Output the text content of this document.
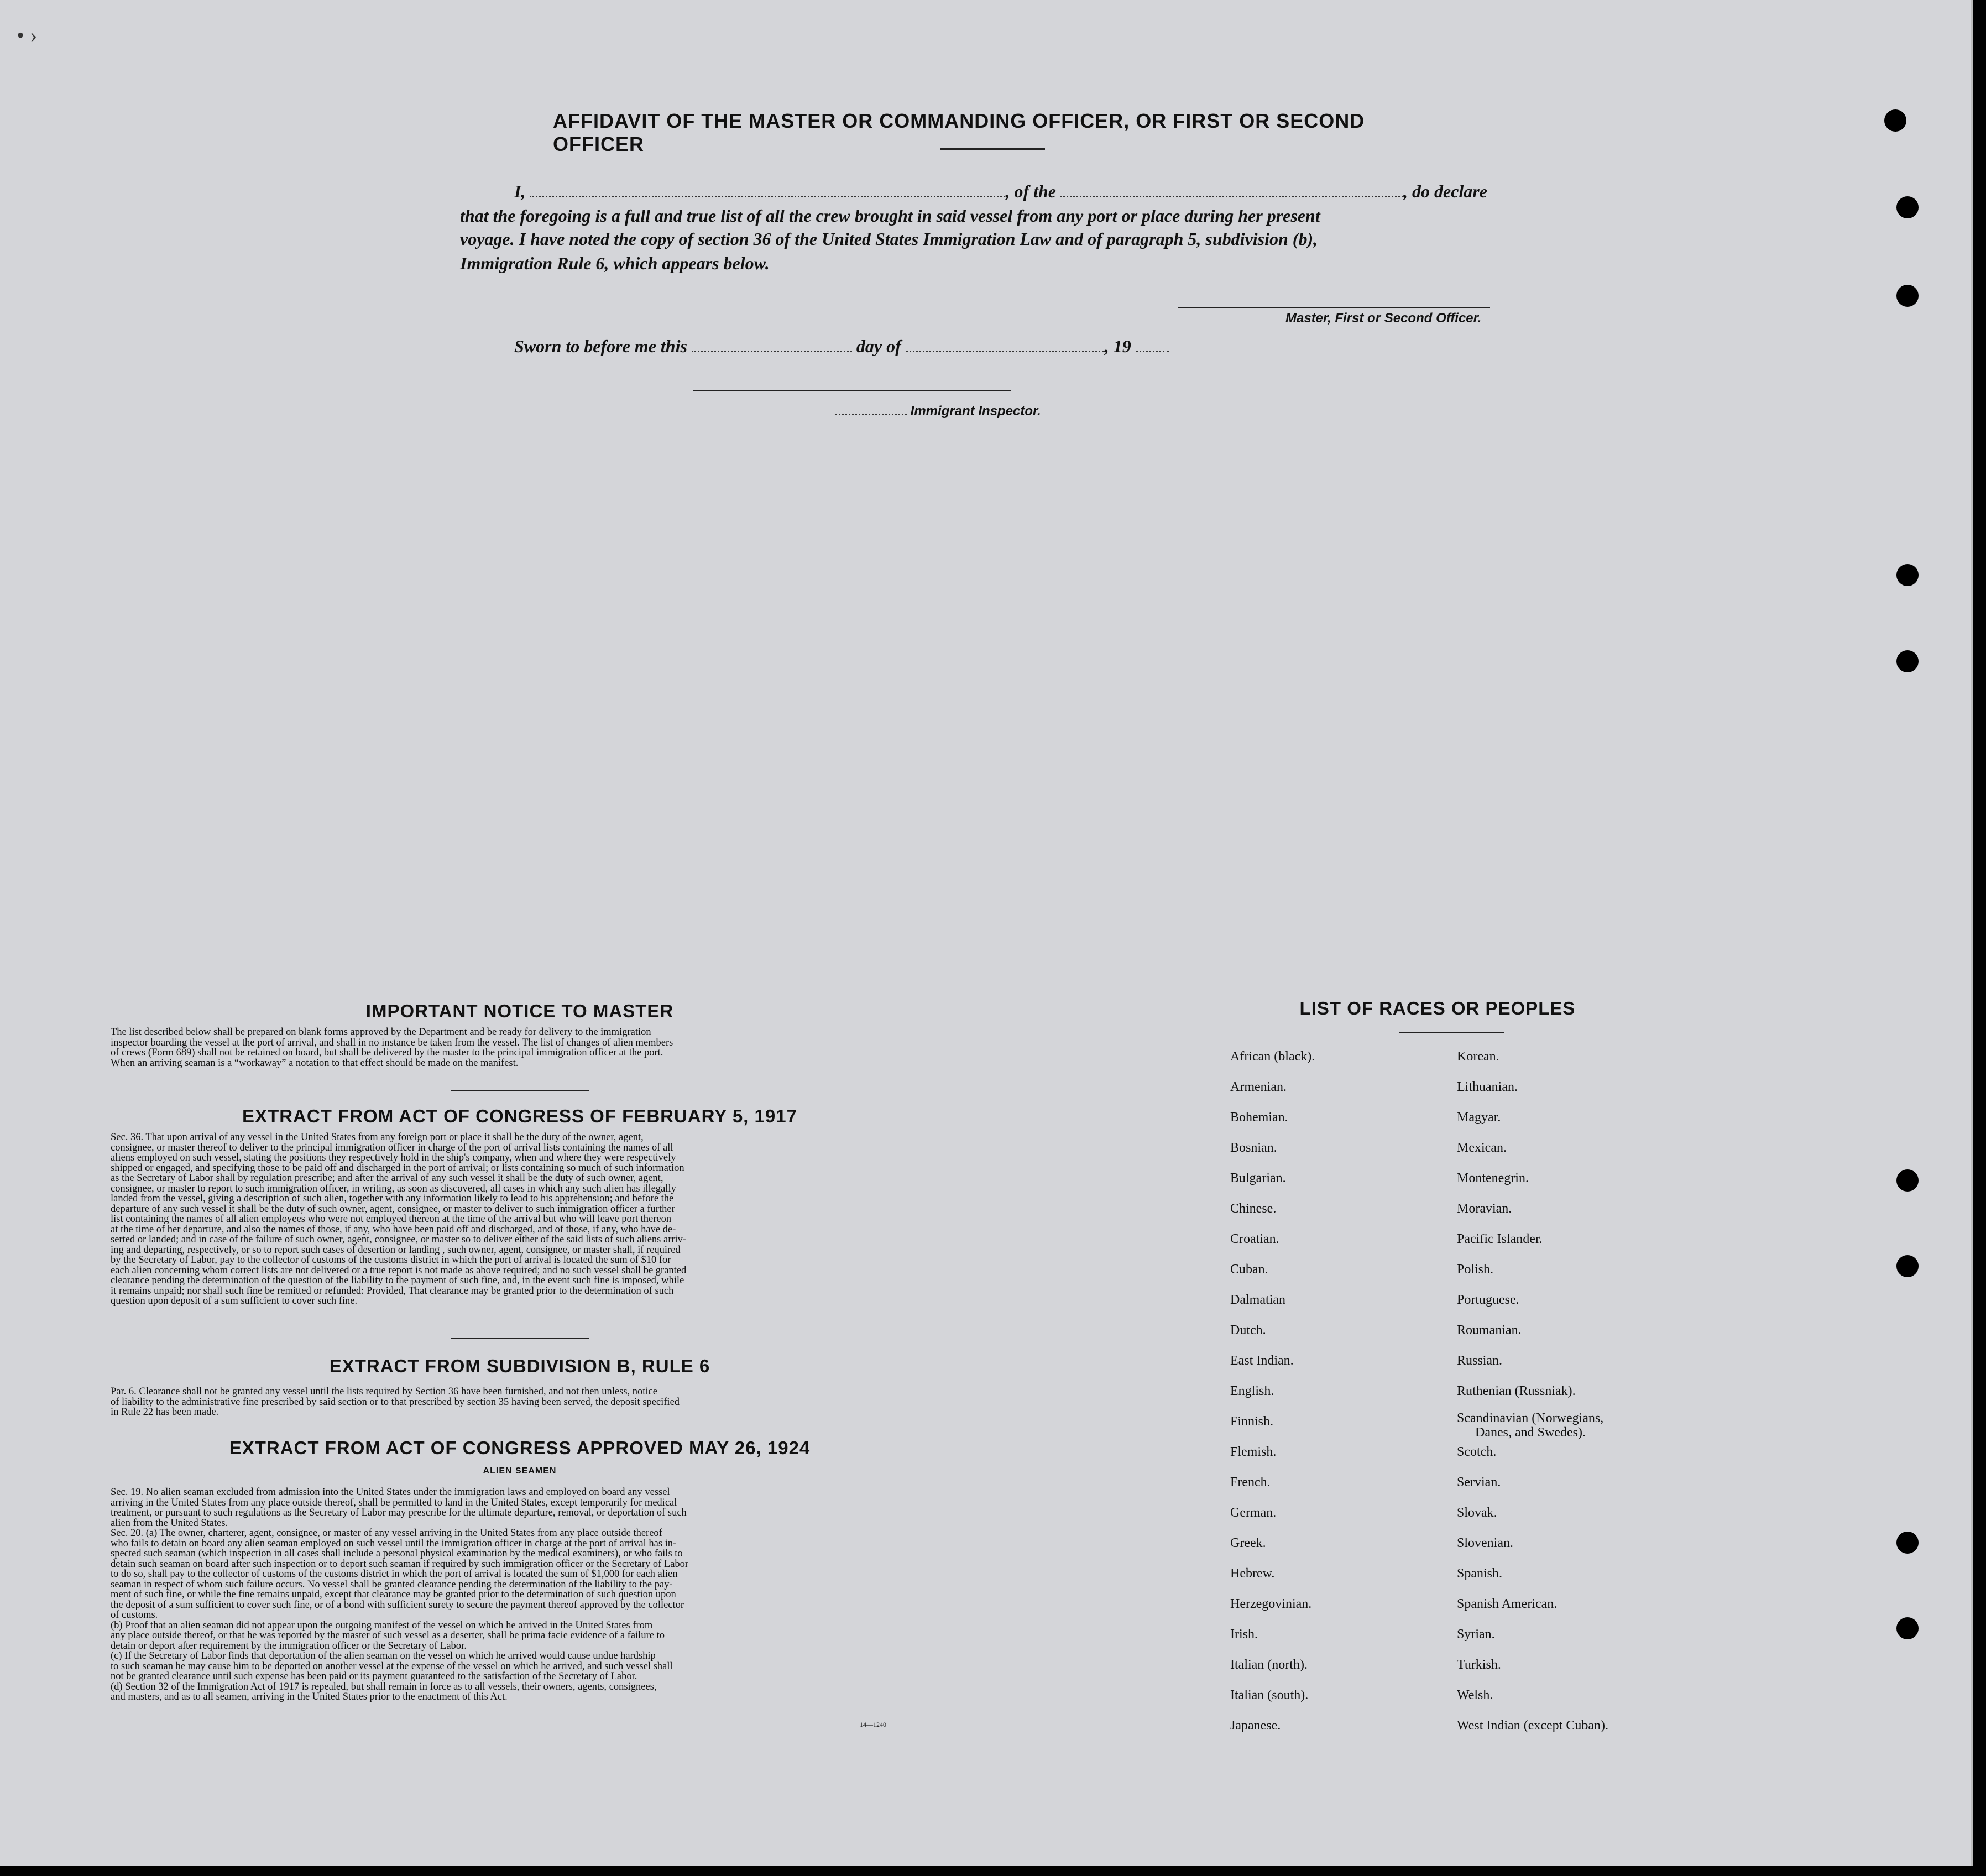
• ›
AFFIDAVIT OF THE MASTER OR COMMANDING OFFICER, OR FIRST OR SECOND OFFICER
I,	, of the	, do declare
that the foregoing is a full and true list of all the crew brought in said vessel from any port or place during her present
voyage. I have noted the copy of section 36 of the United States Immigration Law and of paragraph 5, subdivision (b),
Immigration Rule 6, which appears below.
Master, First or Second Officer.
Sworn to before me this	day of	, 19
Immigrant Inspector.
IMPORTANT NOTICE TO MASTER
The list described below shall be prepared on blank forms approved by the Department and be ready for delivery to the immigration
inspector boarding the vessel at the port of arrival, and shall in no instance be taken from the vessel. The list of changes of alien members
of crews (Form 689) shall not be retained on board, but shall be delivered by the master to the principal immigration officer at the port.
When an arriving seaman is a “workaway” a notation to that effect should be made on the manifest.
EXTRACT FROM ACT OF CONGRESS OF FEBRUARY 5, 1917
Sec. 36. That upon arrival of any vessel in the United States from any foreign port or place it shall be the duty of the owner, agent,
consignee, or master thereof to deliver to the principal immigration officer in charge of the port of arrival lists containing the names of all
aliens employed on such vessel, stating the positions they respectively hold in the ship's company, when and where they were respectively
shipped or engaged, and specifying those to be paid off and discharged in the port of arrival; or lists containing so much of such information
as the Secretary of Labor shall by regulation prescribe; and after the arrival of any such vessel it shall be the duty of such owner, agent,
consignee, or master to report to such immigration officer, in writing, as soon as discovered, all cases in which any such alien has illegally
landed from the vessel, giving a description of such alien, together with any information likely to lead to his apprehension; and before the
departure of any such vessel it shall be the duty of such owner, agent, consignee, or master to deliver to such immigration officer a further
list containing the names of all alien employees who were not employed thereon at the time of the arrival but who will leave port thereon
at the time of her departure, and also the names of those, if any, who have been paid off and discharged, and of those, if any, who have de-
serted or landed; and in case of the failure of such owner, agent, consignee, or master so to deliver either of the said lists of such aliens arriv-
ing and departing, respectively, or so to report such cases of desertion or landing , such owner, agent, consignee, or master shall, if required
by the Secretary of Labor, pay to the collector of customs of the customs district in which the port of arrival is located the sum of $10 for
each alien concerning whom correct lists are not delivered or a true report is not made as above required; and no such vessel shall be granted
clearance pending the determination of the question of the liability to the payment of such fine, and, in the event such fine is imposed, while
it remains unpaid; nor shall such fine be remitted or refunded: Provided, That clearance may be granted prior to the determination of such
question upon deposit of a sum sufficient to cover such fine.
EXTRACT FROM SUBDIVISION B, RULE 6
Par. 6. Clearance shall not be granted any vessel until the lists required by Section 36 have been furnished, and not then unless, notice
of liability to the administrative fine prescribed by said section or to that prescribed by section 35 having been served, the deposit specified
in Rule 22 has been made.
EXTRACT FROM ACT OF CONGRESS APPROVED MAY 26, 1924
ALIEN SEAMEN
Sec. 19. No alien seaman excluded from admission into the United States under the immigration laws and employed on board any vessel
arriving in the United States from any place outside thereof, shall be permitted to land in the United States, except temporarily for medical
treatment, or pursuant to such regulations as the Secretary of Labor may prescribe for the ultimate departure, removal, or deportation of such
alien from the United States.
Sec. 20. (a) The owner, charterer, agent, consignee, or master of any vessel arriving in the United States from any place outside thereof
who fails to detain on board any alien seaman employed on such vessel until the immigration officer in charge at the port of arrival has in-
spected such seaman (which inspection in all cases shall include a personal physical examination by the medical examiners), or who fails to
detain such seaman on board after such inspection or to deport such seaman if required by such immigration officer or the Secretary of Labor
to do so, shall pay to the collector of customs of the customs district in which the port of arrival is located the sum of $1,000 for each alien
seaman in respect of whom such failure occurs. No vessel shall be granted clearance pending the determination of the liability to the pay-
ment of such fine, or while the fine remains unpaid, except that clearance may be granted prior to the determination of such question upon
the deposit of a sum sufficient to cover such fine, or of a bond with sufficient surety to secure the payment thereof approved by the collector
of customs.
(b) Proof that an alien seaman did not appear upon the outgoing manifest of the vessel on which he arrived in the United States from
any place outside thereof, or that he was reported by the master of such vessel as a deserter, shall be prima facie evidence of a failure to
detain or deport after requirement by the immigration officer or the Secretary of Labor.
(c) If the Secretary of Labor finds that deportation of the alien seaman on the vessel on which he arrived would cause undue hardship
to such seaman he may cause him to be deported on another vessel at the expense of the vessel on which he arrived, and such vessel shall
not be granted clearance until such expense has been paid or its payment guaranteed to the satisfaction of the Secretary of Labor.
(d) Section 32 of the Immigration Act of 1917 is repealed, but shall remain in force as to all vessels, their owners, agents, consignees,
and masters, and as to all seamen, arriving in the United States prior to the enactment of this Act.
14—1240
LIST OF RACES OR PEOPLES
African (black).
Armenian.
Bohemian.
Bosnian.
Bulgarian.
Chinese.
Croatian.
Cuban.
Dalmatian
Dutch.
East Indian.
English.
Finnish.
Flemish.
French.
German.
Greek.
Hebrew.
Herzegovinian.
Irish.
Italian (north).
Italian (south).
Japanese.
Korean.
Lithuanian.
Magyar.
Mexican.
Montenegrin.
Moravian.
Pacific Islander.
Polish.
Portuguese.
Roumanian.
Russian.
Ruthenian (Russniak).
Scandinavian (Norwegians,
Danes, and Swedes).
Scotch.
Servian.
Slovak.
Slovenian.
Spanish.
Spanish American.
Syrian.
Turkish.
Welsh.
West Indian (except Cuban).
